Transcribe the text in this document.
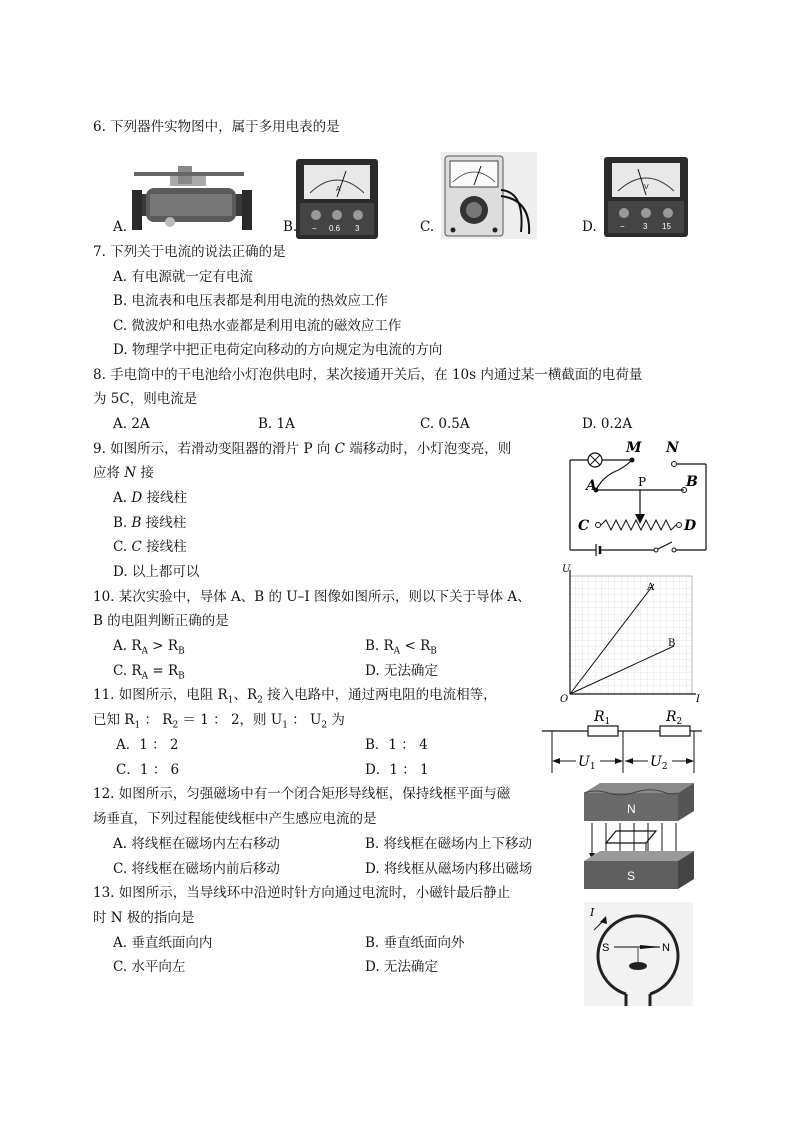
6. 下列器件实物图中，属于多用电表的是
A.
A
− 0.6 3
B.	C.
V
− 3 15
D.
7. 下列关于电流的说法正确的是
A. 有电源就一定有电流
B. 电流表和电压表都是利用电流的热效应工作
C. 微波炉和电热水壶都是利用电流的磁效应工作
D. 物理学中把正电荷定向移动的方向规定为电流的方向
8. 手电筒中的干电池给小灯泡供电时，某次接通开关后，在 10s 内通过某一横截面的电荷量
为 5C，则电流是
A. 2A	B. 1A	C. 0.5A	D. 0.2A
9. 如图所示，若滑动变阻器的滑片 P 向 C 端移动时，小灯泡变亮，则
应将 N 接
A. D 接线柱
B. B 接线柱
C. C 接线柱
D. 以上都可以
M N
A	B
P
C	D
10. 某次实验中，导体 A、B 的 U–I 图像如图所示，则以下关于导体 A、
B 的电阻判断正确的是
A. $R_A > R_B$	B. $R_A < R_B$
C. $R_A = R_B$	D. 无法确定
U
I
O
A
B
11. 如图所示，电阻 $R_1$、$R_2$ 接入电路中，通过两电阻的电流相等，
已知 $R_1$ ： $R_2 = 1$ ： 2，则 $U_1$ ： $U_2$ 为
A．1 ： 2	B．1 ： 4
C．1 ： 6	D．1 ： 1
$R_1$	$R_2$
$U_1$	$U_2$
12. 如图所示，匀强磁场中有一个闭合矩形导线框，保持线框平面与磁
场垂直，下列过程能使线框中产生感应电流的是
A. 将线框在磁场内左右移动	B. 将线框在磁场内上下移动
C. 将线框在磁场内前后移动	D. 将线框从磁场内移出磁场
N
S
13. 如图所示，当导线环中沿逆时针方向通过电流时，小磁针最后静止
时 N 极的指向是
A. 垂直纸面向内	B. 垂直纸面向外
C. 水平向左	D. 无法确定
I
S	N
